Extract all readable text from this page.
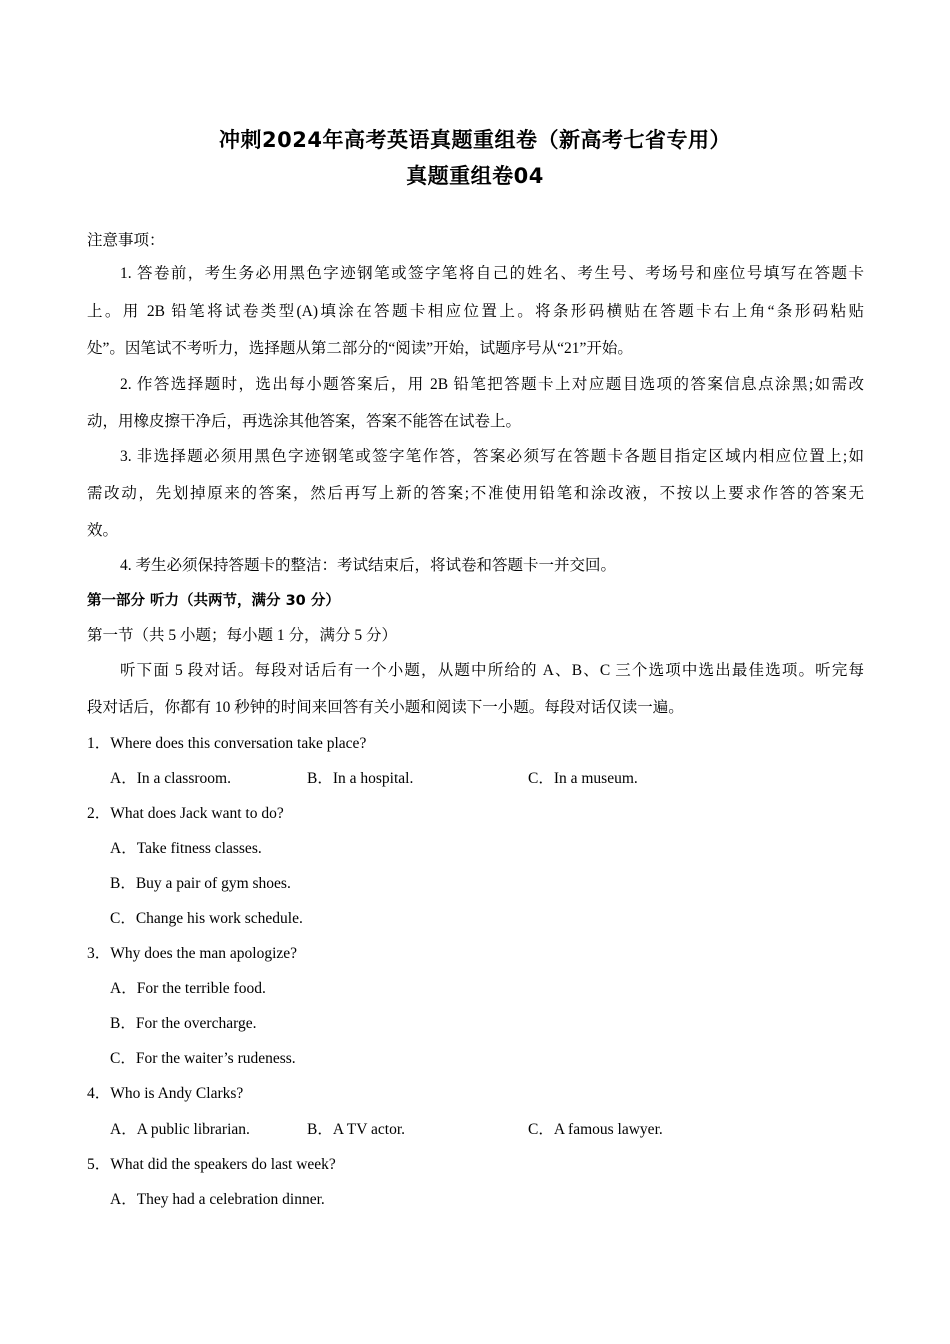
冲刺2024年高考英语真题重组卷（新高考七省专用）
真题重组卷04
注意事项：
1. 答卷前，考生务必用黑色字迹钢笔或签字笔将自己的姓名、考生号、考场号和座位号填写在答题卡
上。用 2B 铅笔将试卷类型(A)填涂在答题卡相应位置上。将条形码横贴在答题卡右上角“条形码粘贴
处”。因笔试不考听力，选择题从第二部分的“阅读”开始，试题序号从“21”开始。
2. 作答选择题时，选出每小题答案后，用 2B 铅笔把答题卡上对应题目选项的答案信息点涂黑;如需改
动，用橡皮擦干净后，再选涂其他答案，答案不能答在试卷上。
3. 非选择题必须用黑色字迹钢笔或签字笔作答，答案必须写在答题卡各题目指定区域内相应位置上;如
需改动，先划掉原来的答案，然后再写上新的答案;不准使用铅笔和涂改液，不按以上要求作答的答案无
效。
4. 考生必须保持答题卡的整洁：考试结束后，将试卷和答题卡一并交回。
第一部分 听力（共两节，满分 30 分）
第一节（共 5 小题；每小题 1 分，满分 5 分）
听下面 5 段对话。每段对话后有一个小题，从题中所给的 A、B、C 三个选项中选出最佳选项。听完每
段对话后，你都有 10 秒钟的时间来回答有关小题和阅读下一小题。每段对话仅读一遍。
1．Where does this conversation take place?
A．In a classroom.	B．In a hospital.	C．In a museum.
2．What does Jack want to do?
A．Take fitness classes.
B．Buy a pair of gym shoes.
C．Change his work schedule.
3．Why does the man apologize?
A．For the terrible food.
B．For the overcharge.
C．For the waiter’s rudeness.
4．Who is Andy Clarks?
A．A public librarian.	B．A TV actor.	C．A famous lawyer.
5．What did the speakers do last week?
A．They had a celebration dinner.
